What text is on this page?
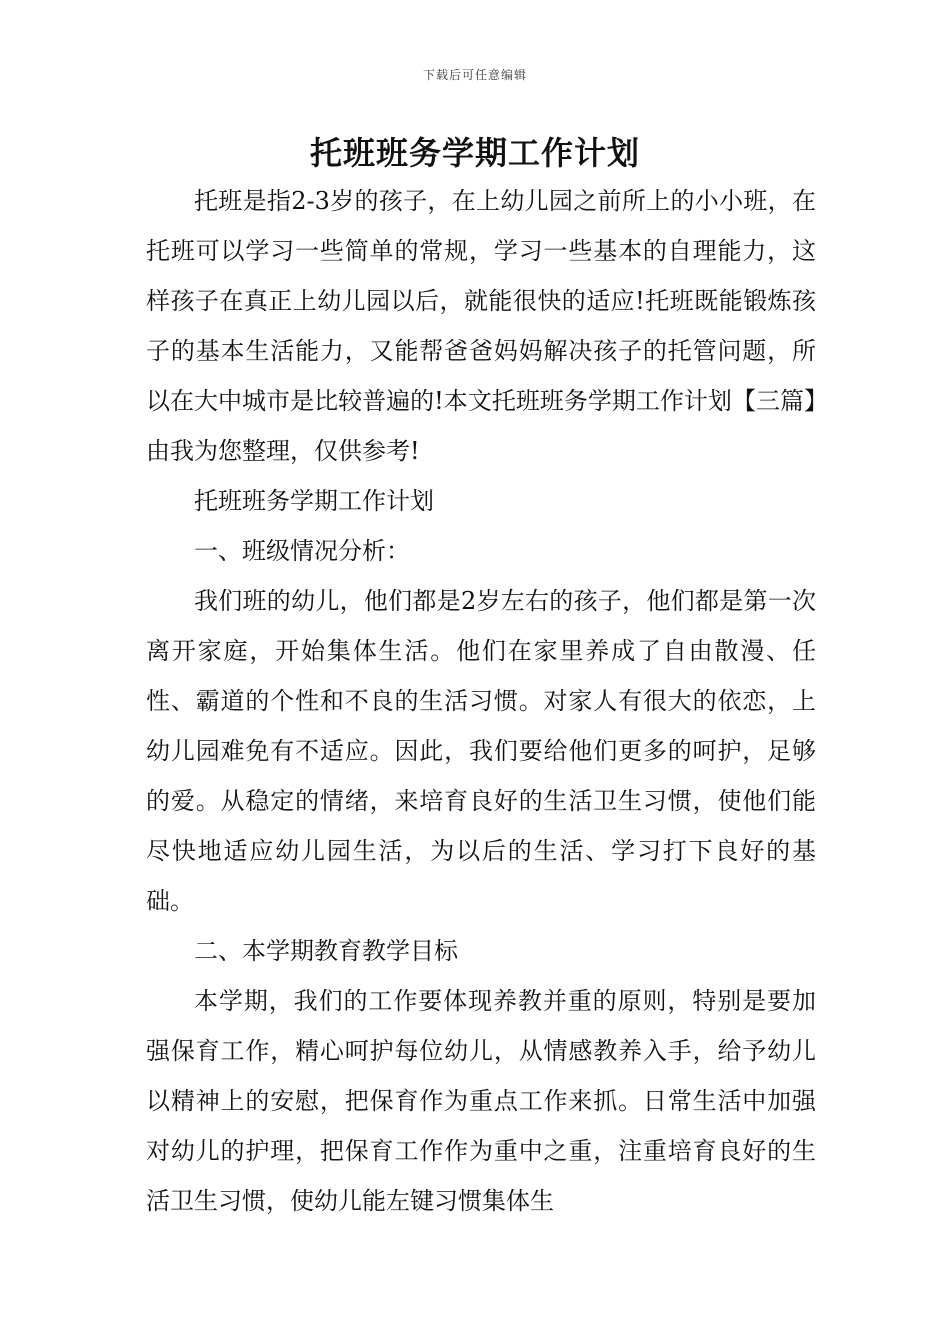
下载后可任意编辑
托班班务学期工作计划

托班是指2-3岁的孩子，在上幼儿园之前所上的小小班，在托班可以学习一些简单的常规，学习一些基本的自理能力，这样孩子在真正上幼儿园以后，就能很快的适应!托班既能锻炼孩子的基本生活能力，又能帮爸爸妈妈解决孩子的托管问题，所以在大中城市是比较普遍的!本文托班班务学期工作计划【三篇】由我为您整理，仅供参考!

托班班务学期工作计划

一、班级情况分析：

我们班的幼儿，他们都是2岁左右的孩子，他们都是第一次离开家庭，开始集体生活。他们在家里养成了自由散漫、任性、霸道的个性和不良的生活习惯。对家人有很大的依恋，上幼儿园难免有不适应。因此，我们要给他们更多的呵护，足够的爱。从稳定的情绪，来培育良好的生活卫生习惯，使他们能尽快地适应幼儿园生活，为以后的生活、学习打下良好的基础。

二、本学期教育教学目标

本学期，我们的工作要体现养教并重的原则，特别是要加强保育工作，精心呵护每位幼儿，从情感教养入手，给予幼儿以精神上的安慰，把保育作为重点工作来抓。日常生活中加强对幼儿的护理，把保育工作作为重中之重，注重培育良好的生活卫生习惯，使幼儿能左键习惯集体生
